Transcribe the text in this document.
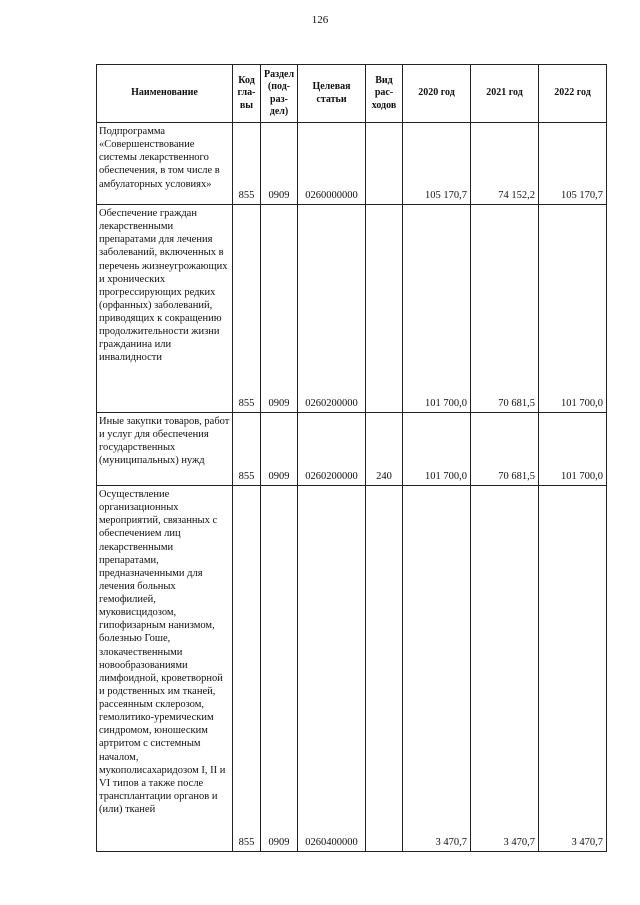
126
Наименование	Код гла-вы	Раздел (под-раз-дел)	Целевая статьи	Вид рас-ходов	2020 год	2021 год	2022 год

Подпрограмма «Совершенствование системы лекарственного обеспечения, в том числе в амбулаторных условиях»	855	0909	0260000000		105 170,7	74 152,2	105 170,7

Обеспечение граждан лекарственными препаратами для лечения заболеваний, включенных в перечень жизнеугрожающих и хронических прогрессирующих редких (орфанных) заболеваний, приводящих к сокращению продолжительности жизни гражданина или инвалидности	855	0909	0260200000		101 700,0	70 681,5	101 700,0

Иные закупки товаров, работ и услуг для обеспечения государственных (муниципальных) нужд	855	0909	0260200000	240	101 700,0	70 681,5	101 700,0

Осуществление организационных мероприятий, связанных с обеспечением лиц лекарственными препаратами, предназначенными для лечения больных гемофилией, муковисцидозом, гипофизарным нанизмом, болезнью Гоше, злокачественными новообразованиями лимфоидной, кроветворной и родственных им тканей, рассеянным склерозом, гемолитико-уремическим синдромом, юношеским артритом с системным началом, мукополисахаридозом I, II и VI типов а также после трансплантации органов и (или) тканей	855	0909	0260400000		3 470,7	3 470,7	3 470,7
